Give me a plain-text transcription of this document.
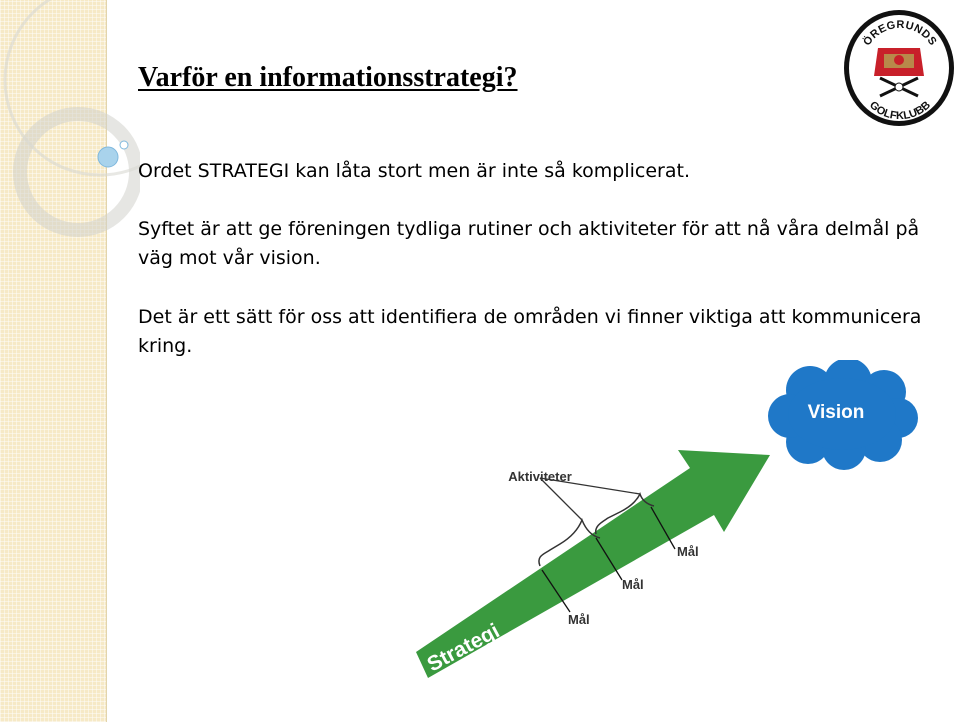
ÖREGRUNDS
GOLFKLUBB
Varför en informationsstrategi?

Ordet STRATEGI kan låta stort men är inte så komplicerat.

Syftet är att ge föreningen tydliga rutiner och aktiviteter för att nå våra delmål på väg mot vår vision.

Det är ett sätt för oss att identifiera de områden vi finner viktiga att kommunicera kring.

Strategi
Aktiviteter
Mål
Mål
Mål
Vision
